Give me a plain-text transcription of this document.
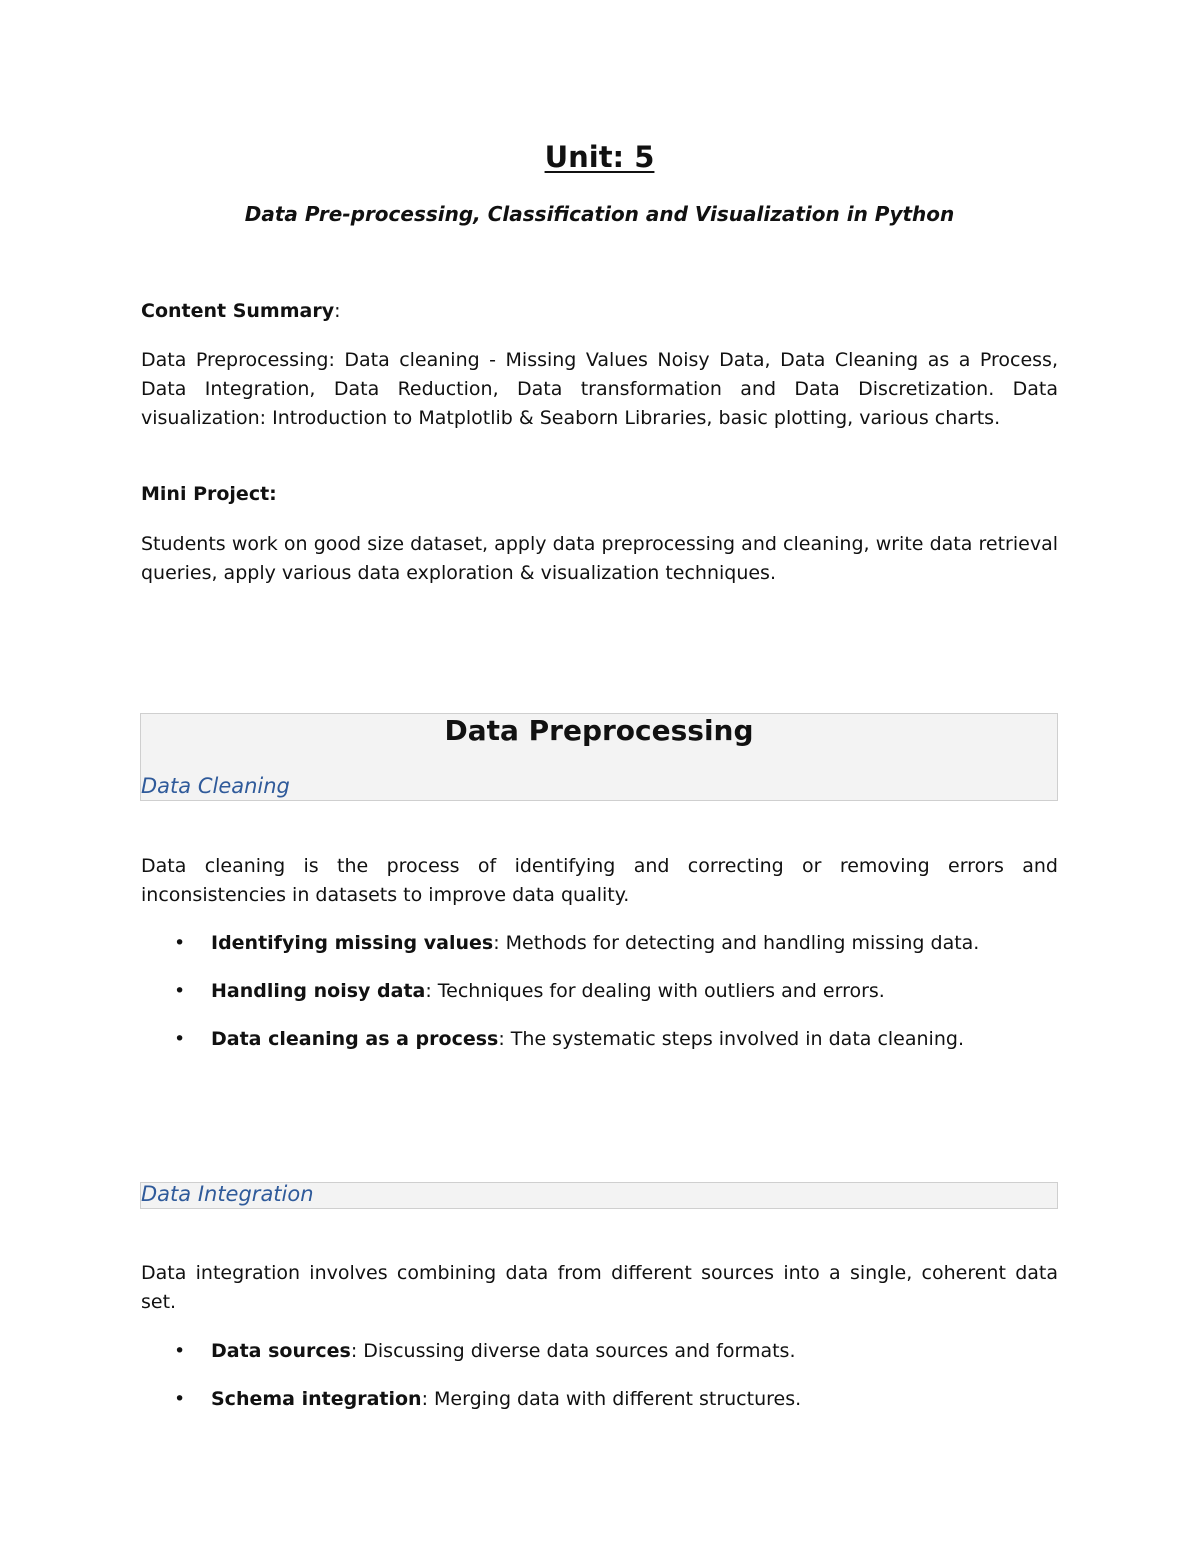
Unit: 5
Data Pre-processing, Classification and Visualization in Python
Content Summary:
Data Preprocessing: Data cleaning - Missing Values Noisy Data, Data Cleaning as a Process, Data Integration, Data Reduction, Data transformation and Data Discretization. Data visualization: Introduction to Matplotlib & Seaborn Libraries, basic plotting, various charts.
Mini Project:
Students work on good size dataset, apply data preprocessing and cleaning, write data retrieval queries, apply various data exploration & visualization techniques.
Data Preprocessing
Data Cleaning
Data cleaning is the process of identifying and correcting or removing errors and inconsistencies in datasets to improve data quality.
• Identifying missing values: Methods for detecting and handling missing data.
• Handling noisy data: Techniques for dealing with outliers and errors.
• Data cleaning as a process: The systematic steps involved in data cleaning.
Data Integration
Data integration involves combining data from different sources into a single, coherent data set.
• Data sources: Discussing diverse data sources and formats.
• Schema integration: Merging data with different structures.
